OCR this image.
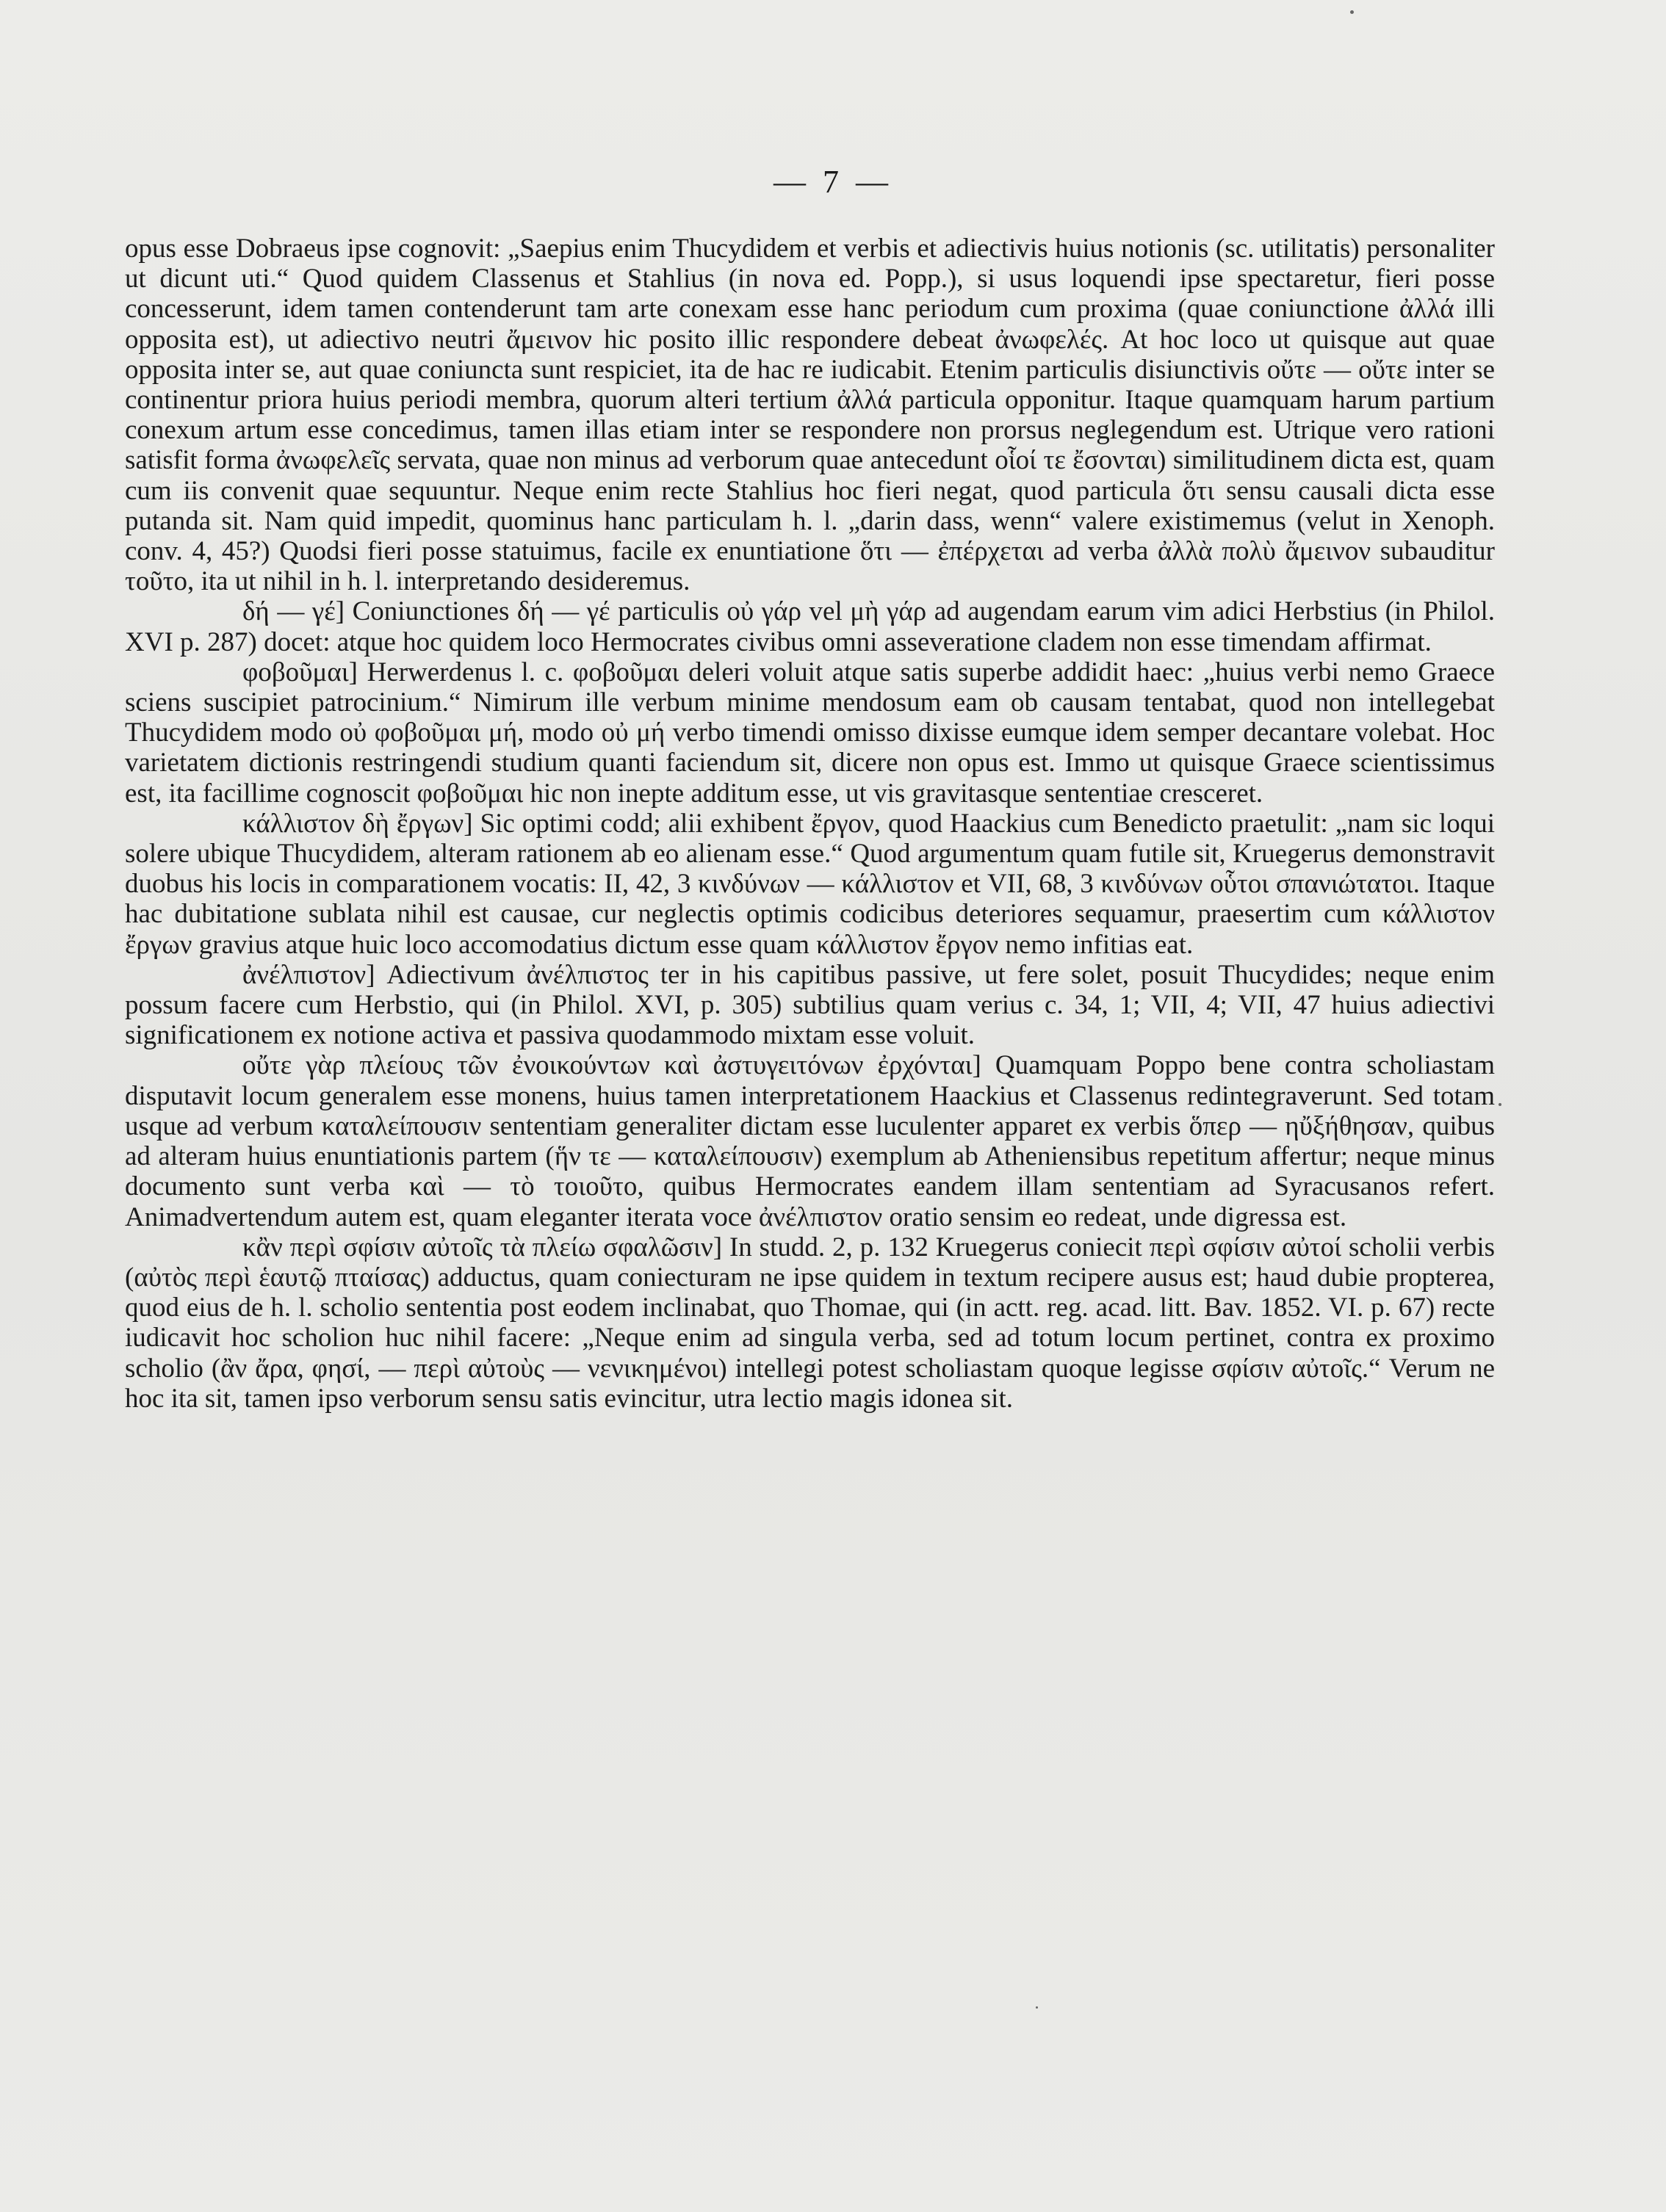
— 7 —

opus esse Dobraeus ipse cognovit: „Saepius enim Thucydidem et verbis et adiectivis huius notionis (sc. utilitatis) personaliter ut dicunt uti.“ Quod quidem Classenus et Stahlius (in nova ed. Popp.), si usus loquendi ipse spectaretur, fieri posse concesserunt, idem tamen contenderunt tam arte conexam esse hanc periodum cum proxima (quae coniunctione ἀλλά illi opposita est), ut adiectivo neutri ἄμεινον hic posito illic respondere debeat ἀνωφελές. At hoc loco ut quisque aut quae opposita inter se, aut quae coniuncta sunt respiciet, ita de hac re iudicabit. Etenim particulis disiunctivis οὔτε — οὔτε inter se continentur priora huius periodi membra, quorum alteri tertium ἀλλά particula opponitur. Itaque quamquam harum partium conexum artum esse concedimus, tamen illas etiam inter se respondere non prorsus neglegendum est. Utrique vero rationi satisfit forma ἀνωφελεῖς servata, quae non minus ad verborum quae antecedunt οἷοί τε ἔσονται) similitudinem dicta est, quam cum iis convenit quae sequuntur. Neque enim recte Stahlius hoc fieri negat, quod particula ὅτι sensu causali dicta esse putanda sit. Nam quid impedit, quominus hanc particulam h. l. „darin dass, wenn“ valere existimemus (velut in Xenoph. conv. 4, 45?) Quodsi fieri posse statuimus, facile ex enuntiatione ὅτι — ἐπέρχεται ad verba ἀλλὰ πολὺ ἄμεινον subauditur τοῦτο, ita ut nihil in h. l. interpretando desideremus.

δή — γέ] Coniunctiones δή — γέ particulis οὐ γάρ vel μὴ γάρ ad augendam earum vim adici Herbstius (in Philol. XVI p. 287) docet: atque hoc quidem loco Hermocrates civibus omni asseveratione cladem non esse timendam affirmat.

φοβοῦμαι] Herwerdenus l. c. φοβοῦμαι deleri voluit atque satis superbe addidit haec: „huius verbi nemo Graece sciens suscipiet patrocinium.“ Nimirum ille verbum minime mendosum eam ob causam tentabat, quod non intellegebat Thucydidem modo οὐ φοβοῦμαι μή, modo οὐ μή verbo timendi omisso dixisse eumque idem semper decantare volebat. Hoc varietatem dictionis restringendi studium quanti faciendum sit, dicere non opus est. Immo ut quisque Graece scientissimus est, ita facillime cognoscit φοβοῦμαι hic non inepte additum esse, ut vis gravitasque sententiae cresceret.

κάλλιστον δὴ ἔργων] Sic optimi codd; alii exhibent ἔργον, quod Haackius cum Benedicto praetulit: „nam sic loqui solere ubique Thucydidem, alteram rationem ab eo alienam esse.“ Quod argumentum quam futile sit, Kruegerus demonstravit duobus his locis in comparationem vocatis: II, 42, 3 κινδύνων — κάλλιστον et VII, 68, 3 κινδύνων οὗτοι σπανιώτατοι. Itaque hac dubitatione sublata nihil est causae, cur neglectis optimis codicibus deteriores sequamur, praesertim cum κάλλιστον ἔργων gravius atque huic loco accomodatius dictum esse quam κάλλιστον ἔργον nemo infitias eat.

ἀνέλπιστον] Adiectivum ἀνέλπιστος ter in his capitibus passive, ut fere solet, posuit Thucydides; neque enim possum facere cum Herbstio, qui (in Philol. XVI, p. 305) subtilius quam verius c. 34, 1; VII, 4; VII, 47 huius adiectivi significationem ex notione activa et passiva quodammodo mixtam esse voluit.

οὔτε γὰρ πλείους τῶν ἐνοικούντων καὶ ἀστυγειτόνων ἐρχόνται] Quamquam Poppo bene contra scholiastam disputavit locum generalem esse monens, huius tamen interpretationem Haackius et Classenus redintegraverunt. Sed totam usque ad verbum καταλείπουσιν sententiam generaliter dictam esse luculenter apparet ex verbis ὅπερ — ηὔξήθησαν, quibus ad alteram huius enuntiationis partem (ἥν τε — καταλείπουσιν) exemplum ab Atheniensibus repetitum affertur; neque minus documento sunt verba καὶ — τὸ τοιοῦτο, quibus Hermocrates eandem illam sententiam ad Syracusanos refert. Animadvertendum autem est, quam eleganter iterata voce ἀνέλπιστον oratio sensim eo redeat, unde digressa est.

κἂν περὶ σφίσιν αὐτοῖς τὰ πλείω σφαλῶσιν] In studd. 2, p. 132 Kruegerus coniecit περὶ σφίσιν αὐτοί scholii verbis (αὐτὸς περὶ ἑαυτῷ πταίσας) adductus, quam coniecturam ne ipse quidem in textum recipere ausus est; haud dubie propterea, quod eius de h. l. scholio sententia post eodem inclinabat, quo Thomae, qui (in actt. reg. acad. litt. Bav. 1852. VI. p. 67) recte iudicavit hoc scholion huc nihil facere: „Neque enim ad singula verba, sed ad totum locum pertinet, contra ex proximo scholio (ἂν ἄρα, φησί, — περὶ αὐτοὺς — νενικημένοι) intellegi potest scholiastam quoque legisse σφίσιν αὐτοῖς.“ Verum ne hoc ita sit, tamen ipso verborum sensu satis evincitur, utra lectio magis idonea sit.
